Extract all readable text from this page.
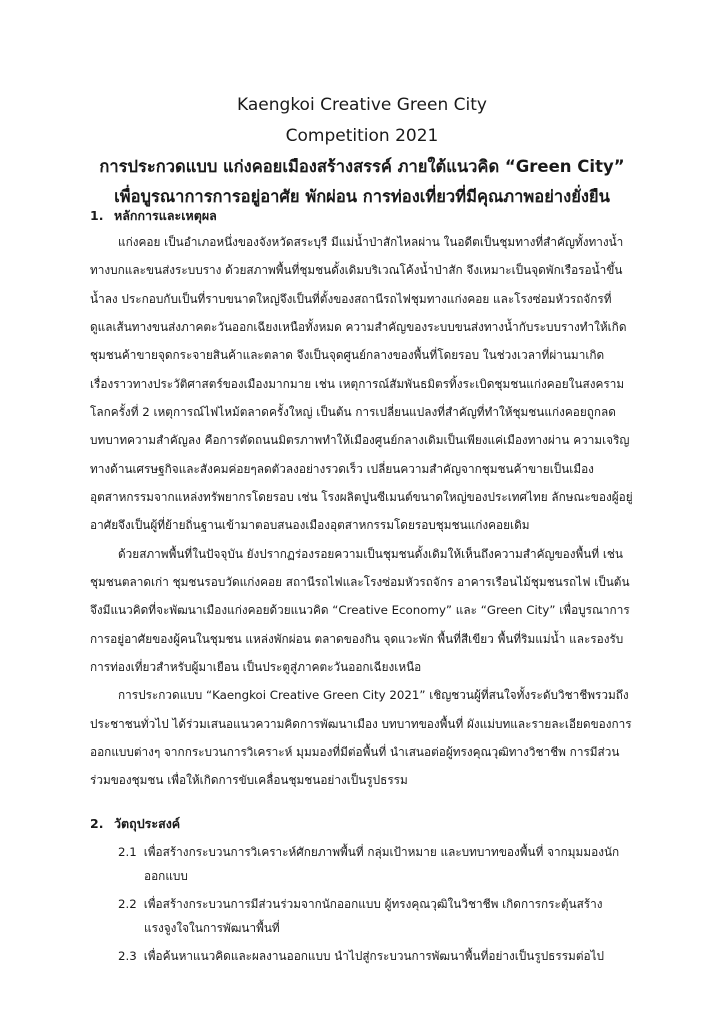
Kaengkoi Creative Green City

Competition 2021

การประกวดแบบ แก่งคอยเมืองสร้างสรรค์ ภายใต้แนวคิด “Green City”

เพื่อบูรณาการการอยู่อาศัย พักผ่อน การท่องเที่ยวที่มีคุณภาพอย่างยั่งยืน

1. หลักการและเหตุผล
แก่งคอย เป็นอำเภอหนึ่งของจังหวัดสระบุรี มีแม่น้ำป่าสักไหลผ่าน ในอดีตเป็นชุมทางที่สำคัญทั้งทางน้ำ
ทางบกและขนส่งระบบราง ด้วยสภาพพื้นที่ชุมชนดั้งเดิมบริเวณโค้งน้ำป่าสัก จึงเหมาะเป็นจุดพักเรือรอน้ำขึ้น
น้ำลง ประกอบกับเป็นที่ราบขนาดใหญ่จึงเป็นที่ตั้งของสถานีรถไฟชุมทางแก่งคอย และโรงซ่อมหัวรถจักรที่
ดูแลเส้นทางขนส่งภาคตะวันออกเฉียงเหนือทั้งหมด ความสำคัญของระบบขนส่งทางน้ำกับระบบรางทำให้เกิด
ชุมชนค้าขายจุดกระจายสินค้าและตลาด จึงเป็นจุดศูนย์กลางของพื้นที่โดยรอบ ในช่วงเวลาที่ผ่านมาเกิด
เรื่องราวทางประวัติศาสตร์ของเมืองมากมาย เช่น เหตุการณ์สัมพันธมิตรทิ้งระเบิดชุมชนแก่งคอยในสงคราม
โลกครั้งที่ 2 เหตุการณ์ไฟไหม้ตลาดครั้งใหญ่ เป็นต้น การเปลี่ยนแปลงที่สำคัญที่ทำให้ชุมชนแก่งคอยถูกลด
บทบาทความสำคัญลง คือการตัดถนนมิตรภาพทำให้เมืองศูนย์กลางเดิมเป็นเพียงแค่เมืองทางผ่าน ความเจริญ
ทางด้านเศรษฐกิจและสังคมค่อยๆลดตัวลงอย่างรวดเร็ว เปลี่ยนความสำคัญจากชุมชนค้าขายเป็นเมือง
อุตสาหกรรมจากแหล่งทรัพยากรโดยรอบ เช่น โรงผลิตปูนซีเมนต์ขนาดใหญ่ของประเทศไทย ลักษณะของผู้อยู่
อาศัยจึงเป็นผู้ที่ย้ายถิ่นฐานเข้ามาตอบสนองเมืองอุตสาหกรรมโดยรอบชุมชนแก่งคอยเดิม
ด้วยสภาพพื้นที่ในปัจจุบัน ยังปรากฏร่องรอยความเป็นชุมชนดั้งเดิมให้เห็นถึงความสำคัญของพื้นที่ เช่น
ชุมชนตลาดเก่า ชุมชนรอบวัดแก่งคอย สถานีรถไฟและโรงซ่อมหัวรถจักร อาคารเรือนไม้ชุมชนรถไฟ เป็นต้น
จึงมีแนวคิดที่จะพัฒนาเมืองแก่งคอยด้วยแนวคิด “Creative Economy” และ “Green City” เพื่อบูรณาการ
การอยู่อาศัยของผู้คนในชุมชน แหล่งพักผ่อน ตลาดของกิน จุดแวะพัก พื้นที่สีเขียว พื้นที่ริมแม่น้ำ และรองรับ
การท่องเที่ยวสำหรับผู้มาเยือน เป็นประตูสู่ภาคตะวันออกเฉียงเหนือ
การประกวดแบบ “Kaengkoi Creative Green City 2021” เชิญชวนผู้ที่สนใจทั้งระดับวิชาชีพรวมถึง
ประชาชนทั่วไป ได้ร่วมเสนอแนวความคิดการพัฒนาเมือง บทบาทของพื้นที่ ผังแม่บทและรายละเอียดของการ
ออกแบบต่างๆ จากกระบวนการวิเคราะห์ มุมมองที่มีต่อพื้นที่ นำเสนอต่อผู้ทรงคุณวุฒิทางวิชาชีพ การมีส่วน
ร่วมของชุมชน เพื่อให้เกิดการขับเคลื่อนชุมชนอย่างเป็นรูปธรรม
2. วัตถุประสงค์
2.1 เพื่อสร้างกระบวนการวิเคราะห์ศักยภาพพื้นที่ กลุ่มเป้าหมาย และบทบาทของพื้นที่ จากมุมมองนัก
ออกแบบ
2.2 เพื่อสร้างกระบวนการมีส่วนร่วมจากนักออกแบบ ผู้ทรงคุณวุฒิในวิชาชีพ เกิดการกระตุ้นสร้าง
แรงจูงใจในการพัฒนาพื้นที่
2.3 เพื่อค้นหาแนวคิดและผลงานออกแบบ นำไปสู่กระบวนการพัฒนาพื้นที่อย่างเป็นรูปธรรมต่อไป
